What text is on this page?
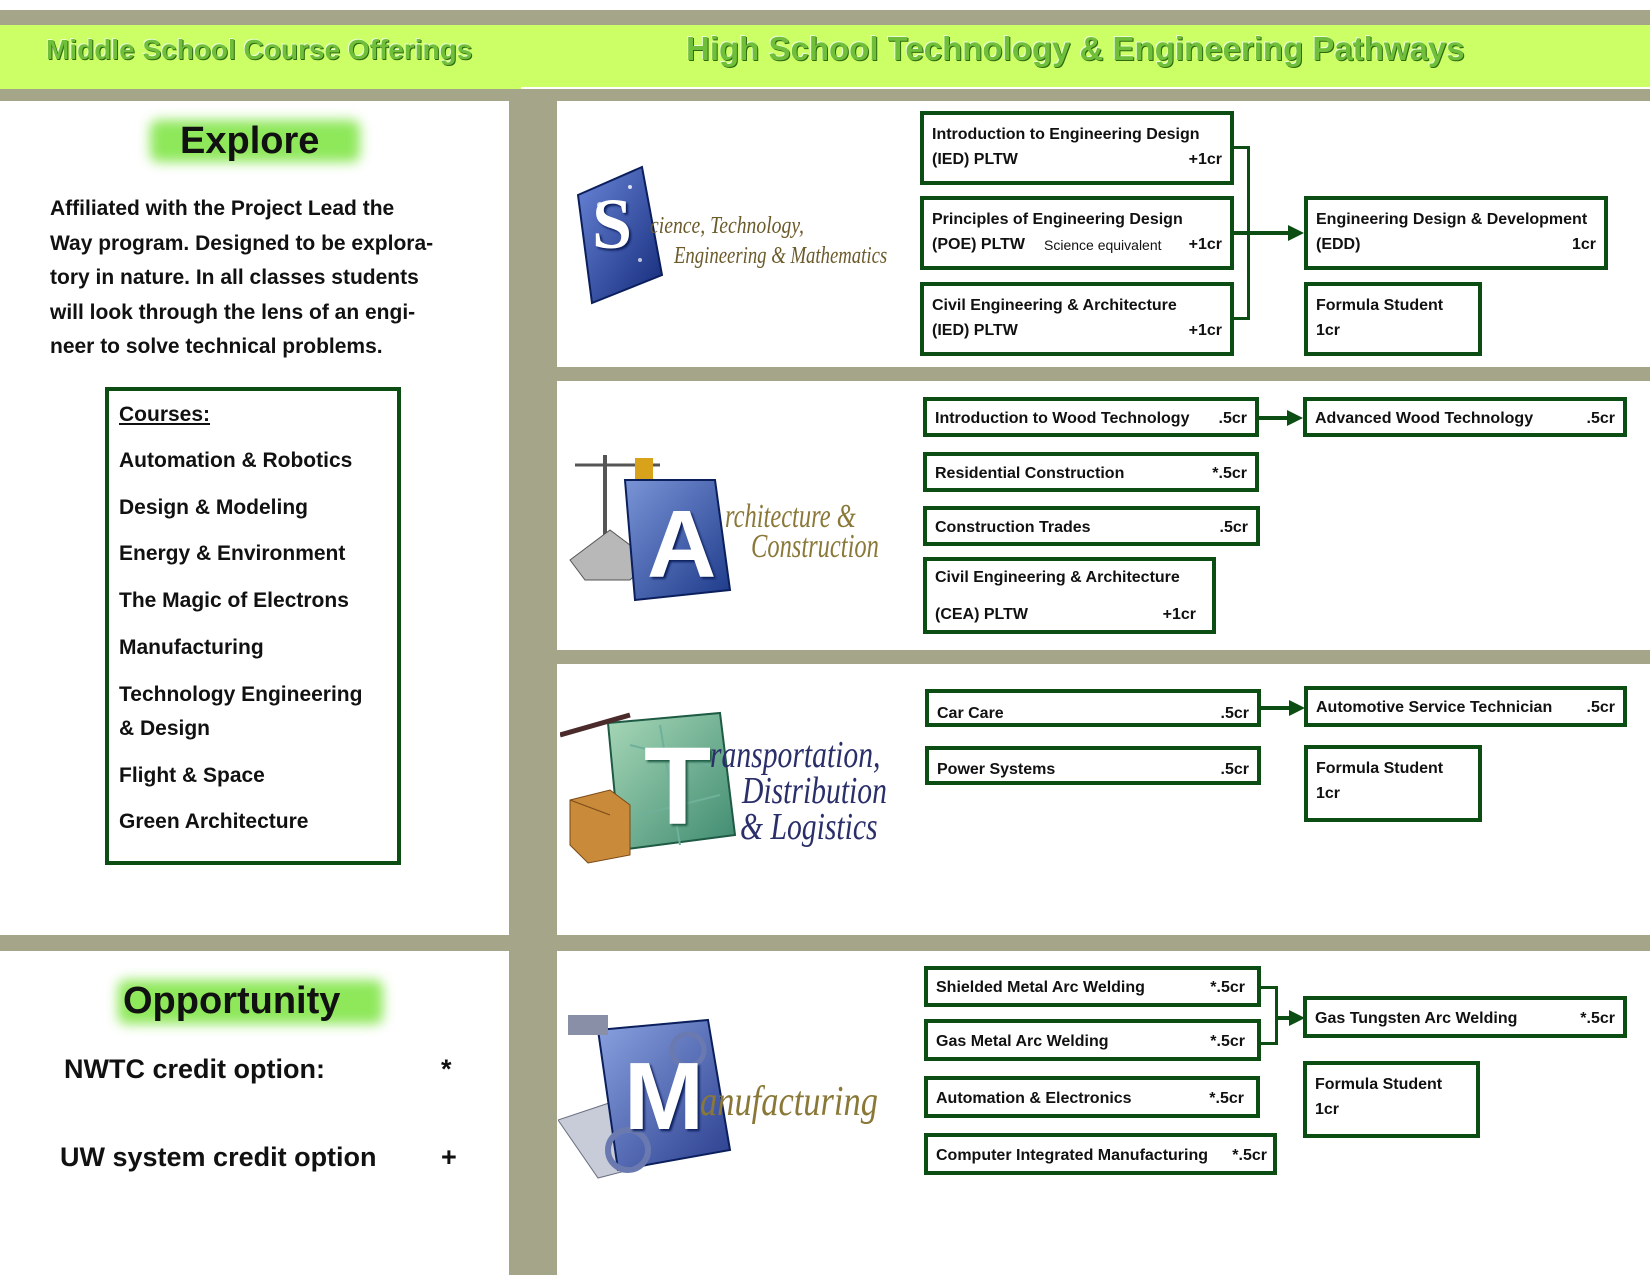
Middle School Course Offerings	High School Technology & Engineering Pathways
Explore
Affiliated with the Project Lead the
Way program. Designed to be explora-
tory in nature. In all classes students
will look through the lens of an engi-
neer to solve technical problems.
Courses:
Automation & Robotics
Design & Modeling
Energy & Environment
The Magic of Electrons
Manufacturing
Technology Engineering
& Design
Flight & Space
Green Architecture
Opportunity
NWTC credit option:	*
UW system credit option +
S cience, Technology,
Engineering & Mathematics
Introduction to Engineering Design
(IED) PLTW	+1cr
Principles of Engineering Design
(POE) PLTW Science equivalent +1cr
Civil Engineering & Architecture
(IED) PLTW	+1cr
Engineering Design & Development
(EDD)	1cr
Formula Student
1cr
A rchitecture &
Construction
Introduction to Wood Technology	.5cr	Advanced Wood Technology	.5cr
Residential Construction	*.5cr
Construction Trades	.5cr
Civil Engineering & Architecture
(CEA) PLTW	+1cr
T
ransportation,
Distribution
& Logistics
Car Care	.5cr	Automotive Service Technician	.5cr
Power Systems	.5cr	Formula Student
1cr
M
anufacturing
Shielded Metal Arc Welding	*.5cr
Gas Metal Arc Welding	*.5cr
Gas Tungsten Arc Welding	*.5cr
Formula Student
1cr
Automation & Electronics	*.5cr
Computer Integrated Manufacturing	*.5cr
